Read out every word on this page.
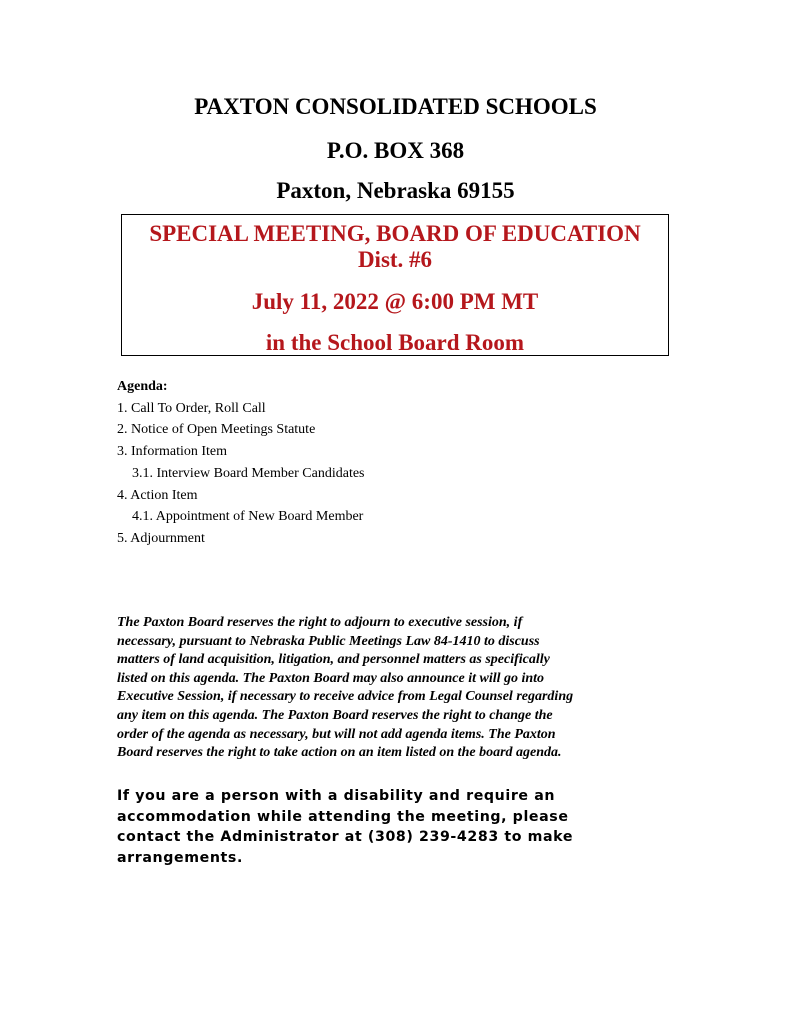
PAXTON CONSOLIDATED SCHOOLS
P.O. BOX 368
Paxton, Nebraska 69155
SPECIAL MEETING, BOARD OF EDUCATION
Dist. #6
July 11, 2022 @ 6:00 PM MT
in the School Board Room
Agenda:
1. Call To Order, Roll Call
2. Notice of Open Meetings Statute
3. Information Item
3.1. Interview Board Member Candidates
4. Action Item
4.1. Appointment of New Board Member
5. Adjournment
The Paxton Board reserves the right to adjourn to executive session, if
necessary, pursuant to Nebraska Public Meetings Law 84-1410 to discuss
matters of land acquisition, litigation, and personnel matters as specifically
listed on this agenda. The Paxton Board may also announce it will go into
Executive Session, if necessary to receive advice from Legal Counsel regarding
any item on this agenda. The Paxton Board reserves the right to change the
order of the agenda as necessary, but will not add agenda items. The Paxton
Board reserves the right to take action on an item listed on the board agenda.
If you are a person with a disability and require an
accommodation while attending the meeting, please
contact the Administrator at (308) 239-4283 to make
arrangements.
